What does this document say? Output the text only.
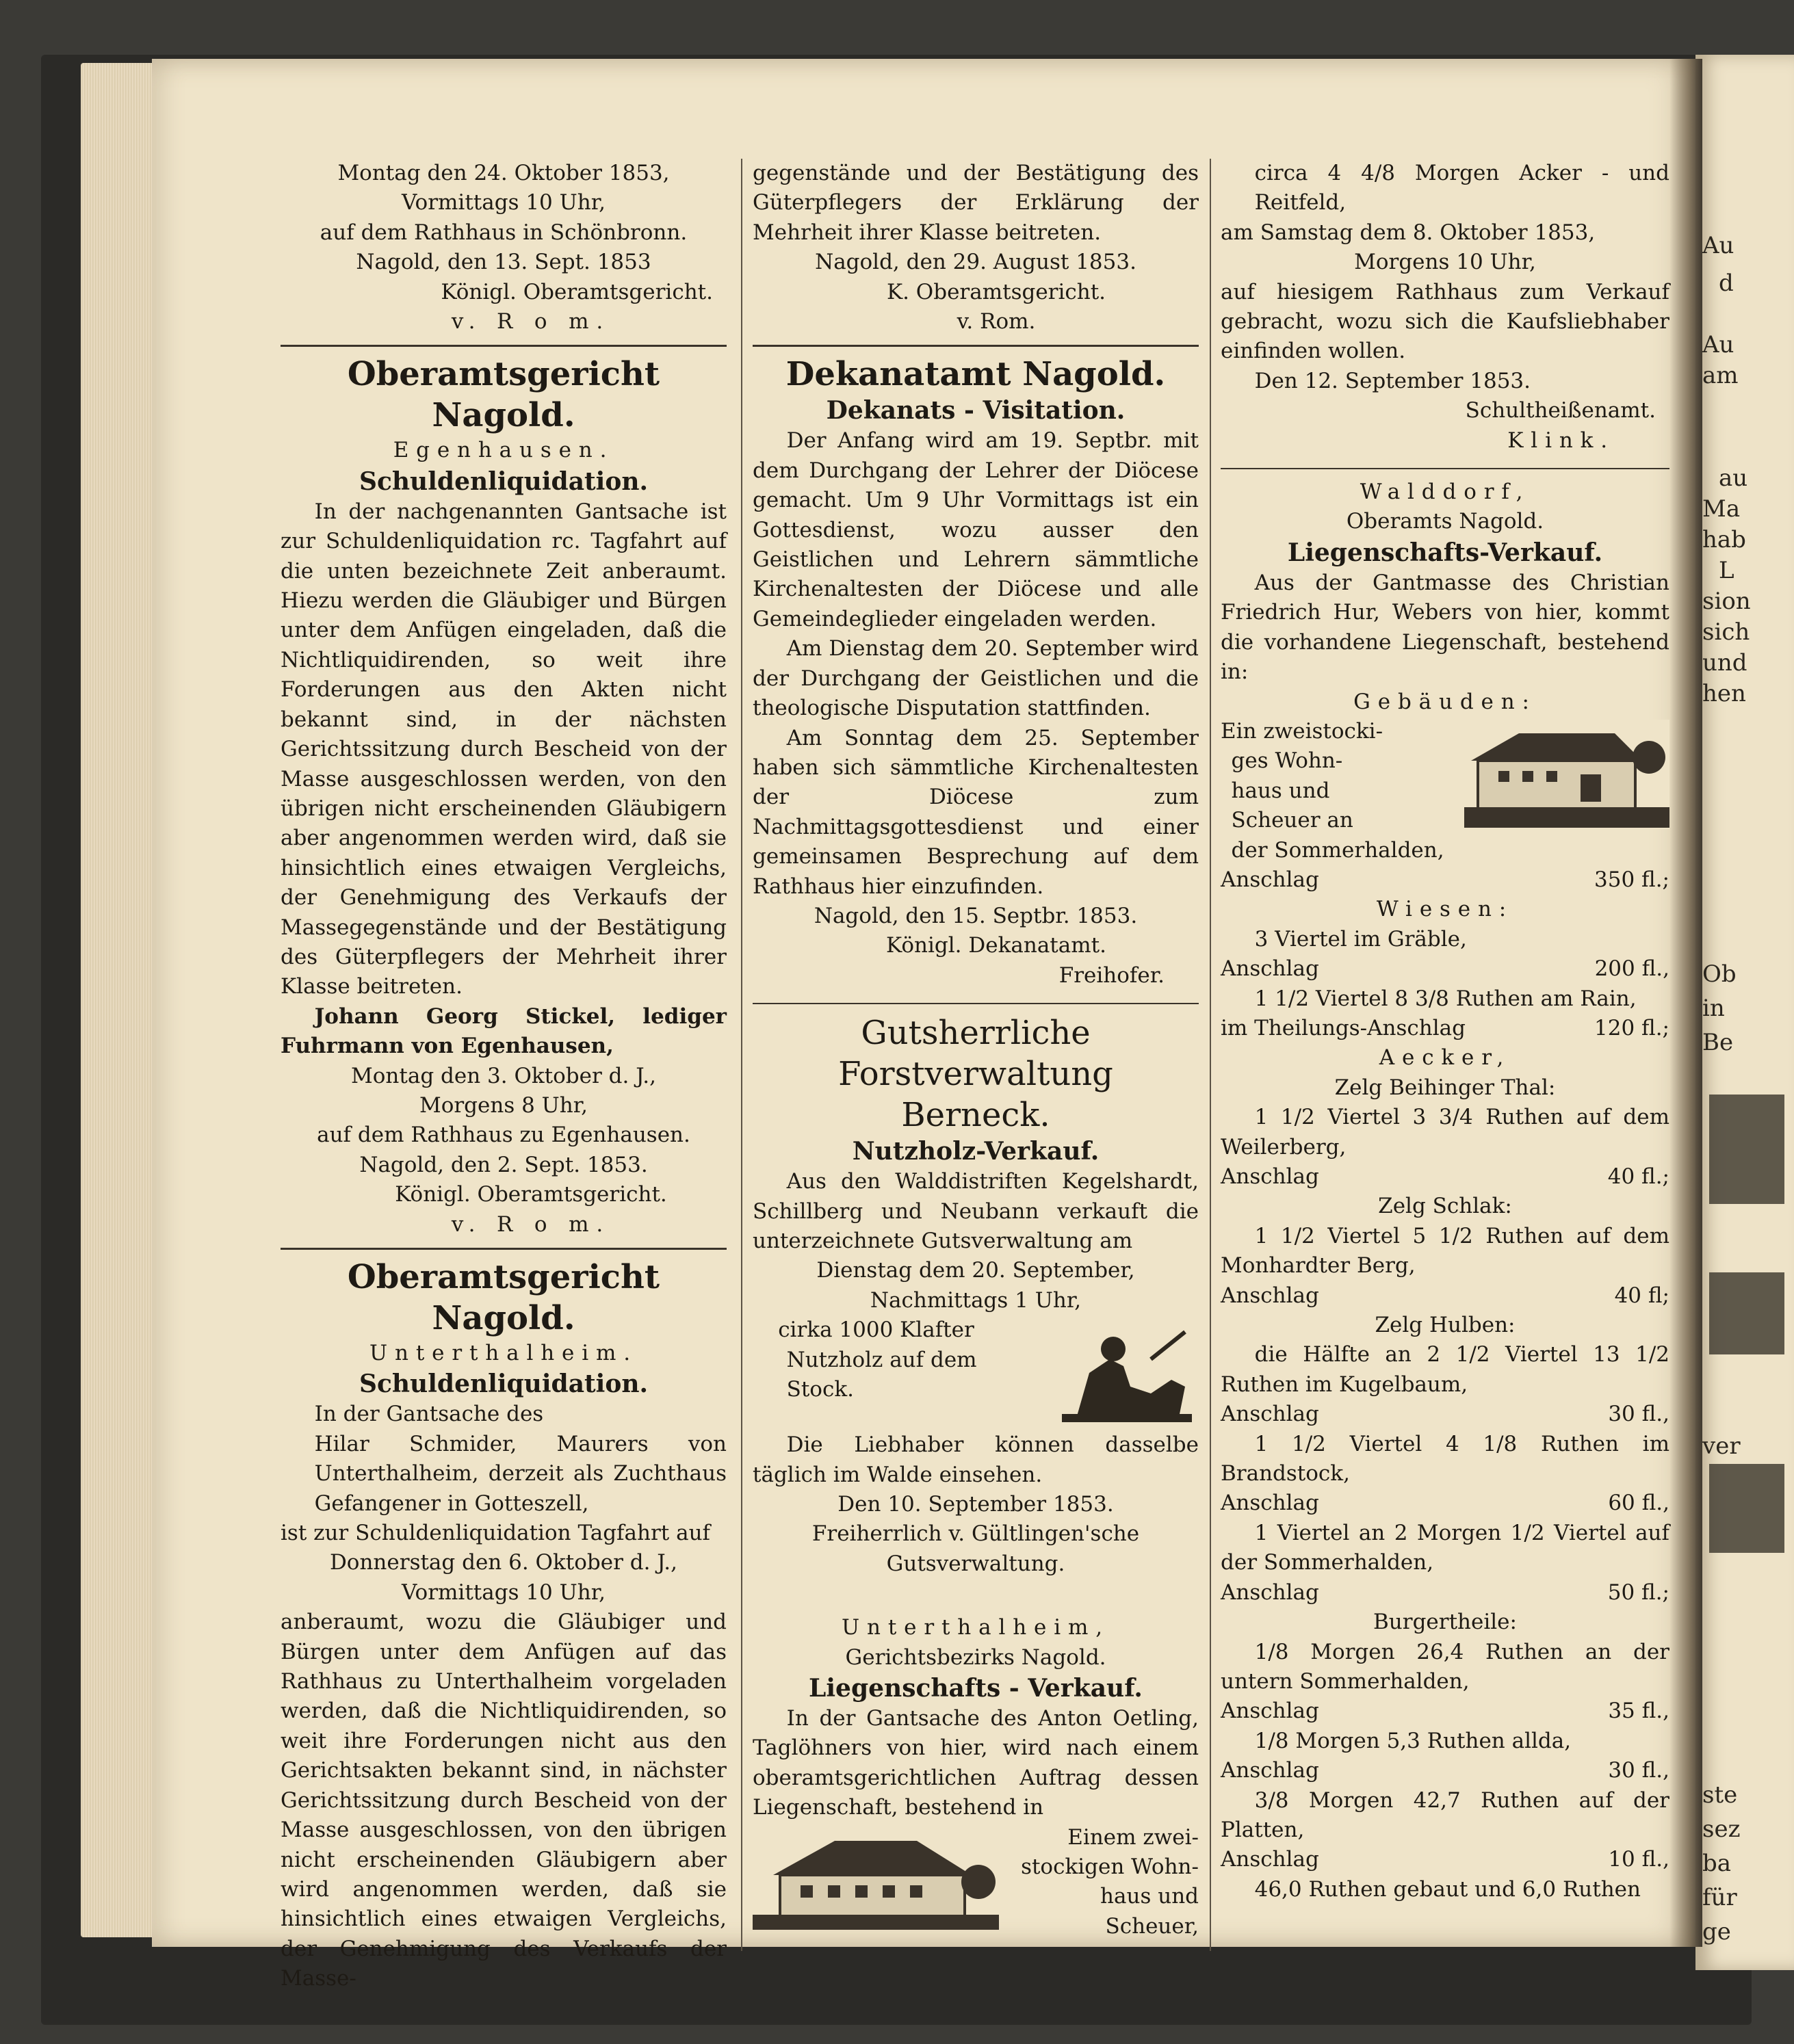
Au
d
Au
am
au
Ma
hab
L
sion
sich
und
hen
Ob
in
Be
ver
ste
sez
ba
für
ge

Montag den 24. Oktober 1853,

Vormittags 10 Uhr,

auf dem Rathhaus in Schönbronn.

Nagold, den 13. Sept. 1853

Königl. Oberamtsgericht.

v. R o m.

Oberamtsgericht Nagold.

Egenhausen.

Schuldenliquidation.

In der nachgenannten Gantsache ist zur Schuldenliquidation rc. Tagfahrt auf die unten bezeichnete Zeit anberaumt. Hiezu werden die Gläubiger und Bürgen unter dem Anfügen eingeladen, daß die Nichtliquidirenden, so weit ihre Forderungen aus den Akten nicht bekannt sind, in der nächsten Gerichtssitzung durch Bescheid von der Masse ausgeschlossen werden, von den übrigen nicht erscheinenden Gläubigern aber angenommen werden wird, daß sie hinsichtlich eines etwaigen Vergleichs, der Genehmigung des Verkaufs der Massegegenstände und der Bestätigung des Güterpflegers der Mehrheit ihrer Klasse beitreten.

Johann Georg Stickel, lediger Fuhrmann von Egenhausen,

Montag den 3. Oktober d. J.,

Morgens 8 Uhr,

auf dem Rathhaus zu Egenhausen.

Nagold, den 2. Sept. 1853.

Königl. Oberamtsgericht.

v. R o m.

Oberamtsgericht Nagold.

Unterthalheim.

Schuldenliquidation.

In der Gantsache des

Hilar Schmider, Maurers von Unterthalheim, derzeit als Zuchthaus Gefangener in Gotteszell,

ist zur Schuldenliquidation Tagfahrt auf

Donnerstag den 6. Oktober d. J.,

Vormittags 10 Uhr,

anberaumt, wozu die Gläubiger und Bürgen unter dem Anfügen auf das Rathhaus zu Unterthalheim vorgeladen werden, daß die Nichtliquidirenden, so weit ihre Forderungen nicht aus den Gerichtsakten bekannt sind, in nächster Gerichtssitzung durch Bescheid von der Masse ausgeschlossen, von den übrigen nicht erscheinenden Gläubigern aber wird angenommen werden, daß sie hinsichtlich eines etwaigen Vergleichs, der Genehmigung des Verkaufs der Masse-

gegenstände und der Bestätigung des Güterpflegers der Erklärung der Mehrheit ihrer Klasse beitreten.

Nagold, den 29. August 1853.

K. Oberamtsgericht.

v. Rom.

Dekanatamt Nagold.

Dekanats - Visitation.

Der Anfang wird am 19. Septbr. mit dem Durchgang der Lehrer der Diöcese gemacht. Um 9 Uhr Vormittags ist ein Gottesdienst, wozu ausser den Geistlichen und Lehrern sämmtliche Kirchenaltesten der Diöcese und alle Gemeindeglieder eingeladen werden.

Am Dienstag dem 20. September wird der Durchgang der Geistlichen und die theologische Disputation stattfinden.

Am Sonntag dem 25. September haben sich sämmtliche Kirchenaltesten der Diöcese zum Nachmittagsgottesdienst und einer gemeinsamen Besprechung auf dem Rathhaus hier einzufinden.

Nagold, den 15. Septbr. 1853.

Königl. Dekanatamt.

Freihofer.

Gutsherrliche Forstverwaltung

Berneck.

Nutzholz-Verkauf.

Aus den Walddistriften Kegelshardt, Schillberg und Neubann verkauft die unterzeichnete Gutsverwaltung am

Dienstag dem 20. September,

Nachmittags 1 Uhr,

cirka 1000 Klafter

Nutzholz auf dem

Stock.

Die Liebhaber können dasselbe täglich im Walde einsehen.

Den 10. September 1853.

Freiherrlich v. Gültlingen'sche

Gutsverwaltung.

Unterthalheim,

Gerichtsbezirks Nagold.

Liegenschafts - Verkauf.

In der Gantsache des Anton Oetling, Taglöhners von hier, wird nach einem oberamtsgerichtlichen Auftrag dessen Liegenschaft, bestehend in

Einem zwei-

stockigen Wohn-

haus und

Scheuer,

circa 4 4/8 Morgen Acker - und Reitfeld,

am Samstag dem 8. Oktober 1853,

Morgens 10 Uhr,

auf hiesigem Rathhaus zum Verkauf gebracht, wozu sich die Kaufsliebhaber einfinden wollen.

Den 12. September 1853.

Schultheißenamt.

Klink.

Walddorf,

Oberamts Nagold.

Liegenschafts-Verkauf.

Aus der Gantmasse des Christian Friedrich Hur, Webers von hier, kommt die vorhandene Liegenschaft, bestehend in:

Gebäuden:

Ein zweistocki-

ges Wohn-

haus und

Scheuer an

der Sommerhalden,

Anschlag	350 fl.;

Wiesen:

3 Viertel im Gräble,

Anschlag	200 fl.,

1 1/2 Viertel 8 3/8 Ruthen am Rain,

im Theilungs-Anschlag	120 fl.;

Aecker,

Zelg Beihinger Thal:

1 1/2 Viertel 3 3/4 Ruthen auf dem Weilerberg,

Anschlag	40 fl.;

Zelg Schlak:

1 1/2 Viertel 5 1/2 Ruthen auf dem Monhardter Berg,

Anschlag	40 fl;

Zelg Hulben:

die Hälfte an 2 1/2 Viertel 13 1/2 Ruthen im Kugelbaum,

Anschlag	30 fl.,

1 1/2 Viertel 4 1/8 Ruthen im Brandstock,

Anschlag	60 fl.,

1 Viertel an 2 Morgen 1/2 Viertel auf der Sommerhalden,

Anschlag	50 fl.;

Burgertheile:

1/8 Morgen 26,4 Ruthen an der untern Sommerhalden,

Anschlag	35 fl.,

1/8 Morgen 5,3 Ruthen allda,

Anschlag	30 fl.,

3/8 Morgen 42,7 Ruthen auf der Platten,

Anschlag	10 fl.,

46,0 Ruthen gebaut und 6,0 Ruthen
